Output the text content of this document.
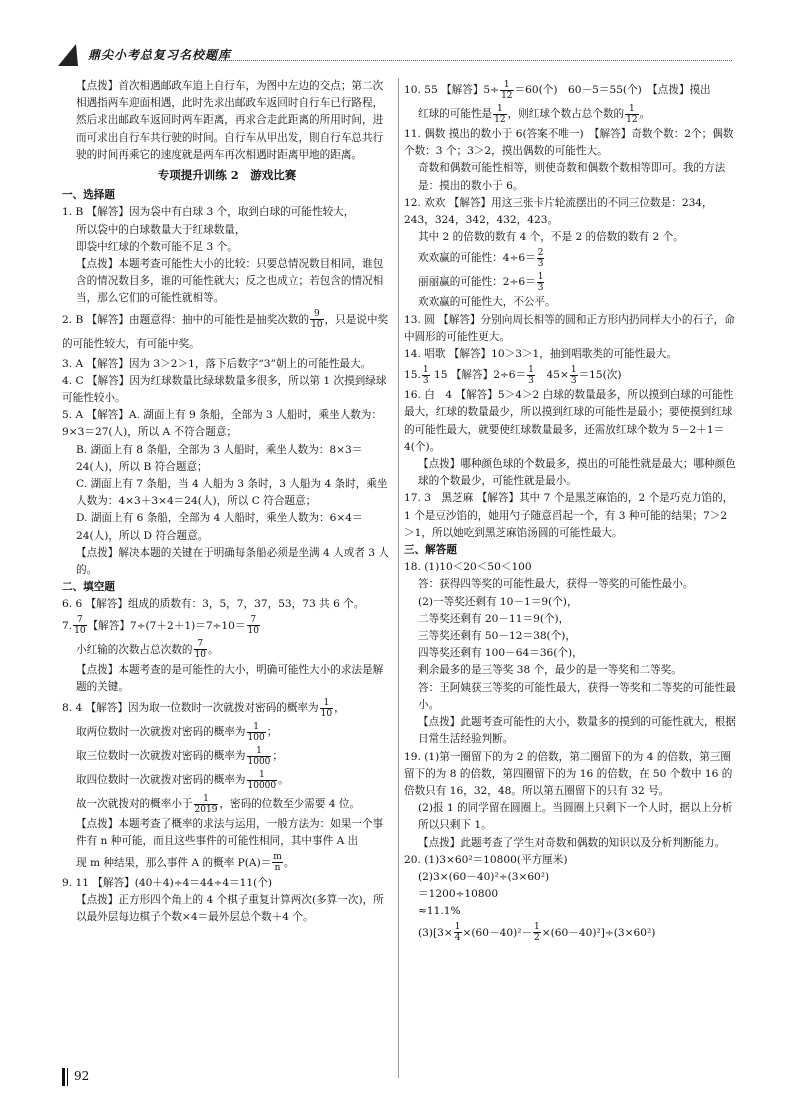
鼎尖小考总复习名校题库

【点拨】首次相遇邮政车追上自行车，为图中左边的交点；第二次相遇指两车迎面相遇，此时先求出邮政车返回时自行车已行路程，然后求出邮政车返回时两车距离，再求合走此距离的所用时间，进而可求出自行车共行驶的时间。自行车从甲出发，則自行车总共行驶的时间再乘它的速度就是两车再次相遇时距离甲地的距离。

专项提升训练 2　游戏比赛

一、选择题

1. B 【解答】因为袋中有白球 3 个，取到白球的可能性较大，

所以袋中的白球数量大于红球数量，

即袋中红球的个数可能不足 3 个。

【点拨】本题考查可能性大小的比较：只要总情况数目相同，谁包含的情况数目多，谁的可能性就大；反之也成立；若包含的情况相当，那么它们的可能性就相等。

2. B 【解答】由题意得：抽中的可能性是抽奖次数的 $\frac{9}{10}$ ，只是说中奖的可能性较大，有可能中奖。

3. A 【解答】因为 3＞2＞1，落下后数字“3”朝上的可能性最大。

4. C 【解答】因为红球数量比绿球数量多很多，所以第 1 次摸到绿球可能性较小。

5. A 【解答】A. 湖面上有 9 条船，全部为 3 人船时，乘坐人数为：9×3＝27(人)，所以 A 不符合题意；

B. 湖面上有 8 条船，全部为 3 人船时，乘坐人数为：8×3＝24(人)，所以 B 符合题意；

C. 湖面上有 7 条船，当 4 人船为 3 条时，3 人船为 4 条时，乘坐人数为：4×3＋3×4＝24(人)，所以 C 符合题意；

D. 湖面上有 6 条船，全部为 4 人船时，乘坐人数为：6×4＝24(人)，所以 D 符合题意。

【点拨】解决本题的关键在于明确每条船必须是坐满 4 人或者 3 人的。

二、填空题

6. 6 【解答】组成的质数有：3，5，7，37，53，73 共 6 个。

7. $\frac{7}{10}$ 【解答】$7\div(7+2+1)=7\div 10= \frac{7}{10}$

小红输的次数占总次数的 $\frac{7}{10}$ 。

【点拨】本题考查的是可能性的大小，明确可能性大小的求法是解题的关键。

8. 4 【解答】因为取一位数时一次就拨对密码的概率为 $\frac{1}{10}$ ，

取两位数时一次就拨对密码的概率为 $\frac{1}{100}$ ；

取三位数时一次就拨对密码的概率为 $\frac{1}{1000}$ ；

取四位数时一次就拨对密码的概率为 $\frac{1}{10000}$ 。

故一次就拨对的概率小于 $\frac{1}{2019}$ ，密码的位数至少需要 4 位。

【点拨】本题考查了概率的求法与运用，一般方法为：如果一个事件有 n 种可能，而且这些事件的可能性相同，其中事件 A 出

现 m 种结果，那么事件 A 的概率 $P(A)= \frac{m}{n}$ 。

9. 11 【解答】(40＋4)÷4＝44÷4＝11(个)

【点拨】正方形四个角上的 4 个棋子重复计算两次(多算一次)，所以最外层每边棋子个数×4＝最外层总个数＋4 个。

10. 55 【解答】$5\div \frac{1}{12} =60$(个)　60－5＝55(个)　【点拨】摸出

红球的可能性是 $\frac{1}{12}$ ，则红球个数占总个数的 $\frac{1}{12}$ 。

11. 偶数 摸出的数小于 6(答案不唯一)　【解答】奇数个数：2个；偶数个数：3 个；3＞2，摸出偶数的可能性大。

奇数和偶数可能性相等，则使奇数和偶数个数相等即可。我的方法是：摸出的数小于 6。

12. 欢欢 【解答】用这三张卡片轮流摆出的不同三位数是：234，243，324，342，432，423。

其中 2 的倍数的数有 4 个，不是 2 的倍数的数有 2 个。

欢欢赢的可能性：$4\div 6= \frac{2}{3}$

丽丽赢的可能性：$2\div 6= \frac{1}{3}$

欢欢赢的可能性大，不公平。

13. 圆 【解答】分别向周长相等的圆和正方形内扔同样大小的石子，命中圆形的可能性更大。

14. 唱歌 【解答】10＞3＞1，抽到唱歌类的可能性最大。

15. $\frac{1}{3} 15$ 【解答】$2\div 6= \frac{1}{3}$ 　$45\times \frac{1}{3} =15$(次)

16. 白　4 【解答】5＞4＞2 白球的数量最多，所以摸到白球的可能性最大，红球的数量最少，所以摸到红球的可能性是最小；要使摸到红球的可能性最大，就要使红球数量最多，还需放红球个数为 5－2＋1＝4(个)。

【点拨】哪种颜色球的个数最多，摸出的可能性就是最大；哪种颜色球的个数最少，可能性就是最小。

17. 3　黑芝麻 【解答】其中 7 个是黑芝麻馅的，2 个是巧克力馅的，1 个是豆沙馅的，她用勺子随意舀起一个，有 3 种可能的结果；7＞2＞1，所以她吃到黑芝麻馅汤圆的可能性最大。

三、解答题

18. (1)10＜20＜50＜100

答：获得四等奖的可能性最大，获得一等奖的可能性最小。

(2)一等奖还剩有 10－1＝9(个)，

二等奖还剩有 20－11＝9(个)，

三等奖还剩有 50－12＝38(个)，

四等奖还剩有 100－64＝36(个)，

剩余最多的是三等奖 38 个，最少的是一等奖和二等奖。

答：王阿姨获三等奖的可能性最大，获得一等奖和二等奖的可能性最小。

【点拨】此题考查可能性的大小，数量多的摸到的可能性就大，根据日常生活经验判断。

19. (1)第一圈留下的为 2 的倍数，第二圈留下的为 4 的倍数，第三圈留下的为 8 的倍数，第四圈留下的为 16 的倍数，在 50 个数中 16 的倍数只有 16，32，48。所以第五圈留下的只有 32 号。

(2)报 1 的同学留在圆圈上。当圆圈上只剩下一个人时，据以上分析所以只剩下 1。

【点拨】此题考查了学生对奇数和偶数的知识以及分析判断能力。

20. (1)3×60²＝10800(平方厘米)

(2)3×(60－40)²÷(3×60²)

＝1200÷10800

≈11.1%

$(3)[3\times \frac{1}{4} \times(60-40)^2- \frac{1}{2} \times(60-40)^2]\div(3\times 60^2)$

92
